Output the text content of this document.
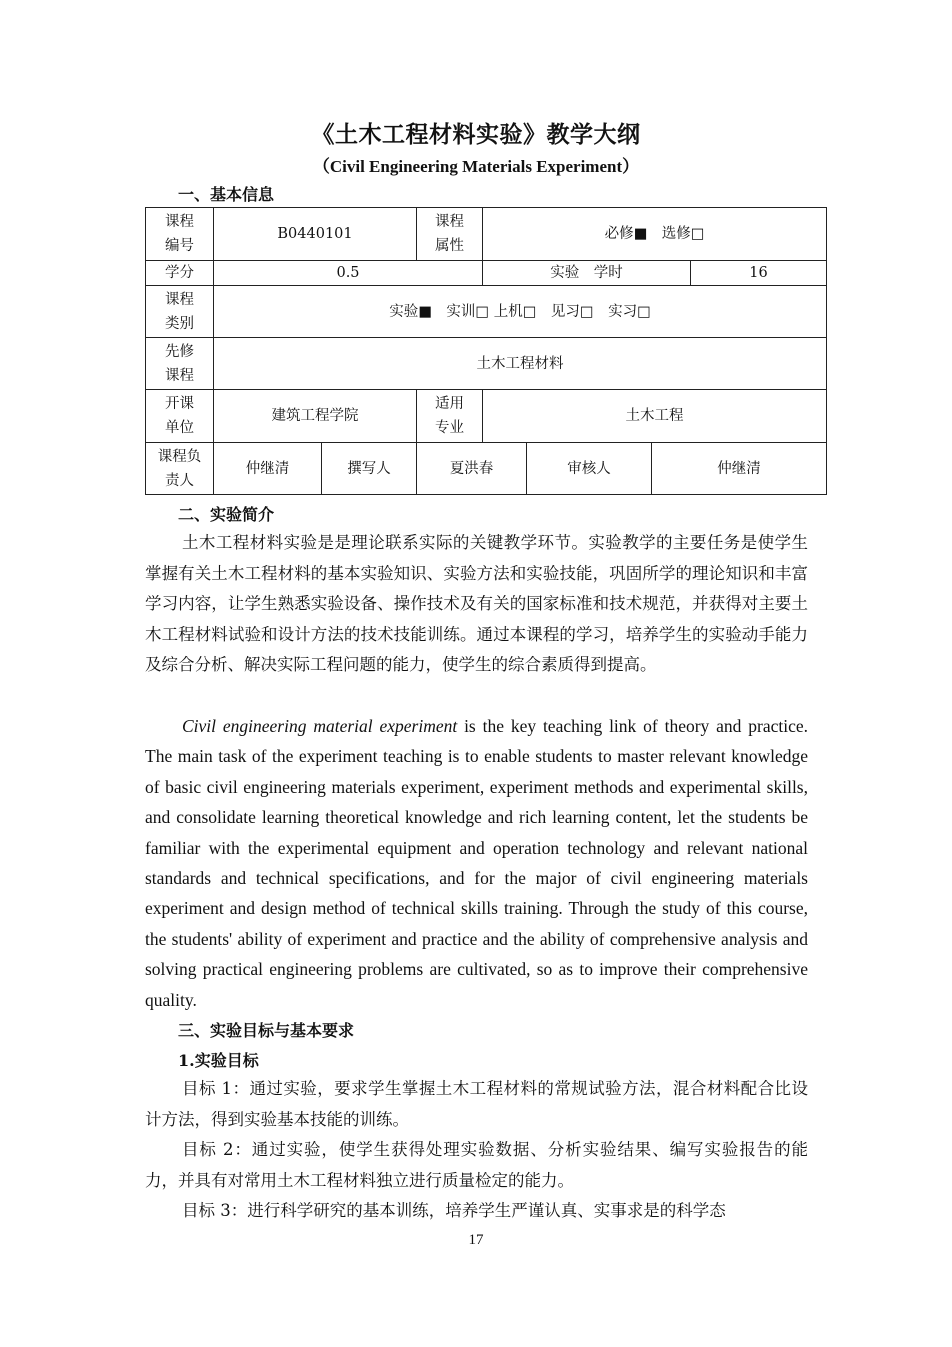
《土木工程材料实验》教学大纲
（Civil Engineering Materials Experiment）
一、基本信息
课程
编号	B0440101		课程
属性	必修■　选修□			
学分	0.5			实验　学时			16
课程
类别	实验■　实训□ 上机□　见习□　实习□						
先修
课程	土木工程材料						
开课
单位	建筑工程学院		适用
专业	土木工程			
课程负
责人	仲继清	撰写人	夏洪春		审核人	仲继清	
二、实验简介

土木工程材料实验是是理论联系实际的关键教学环节。实验教学的主要任务是使学生掌握有关土木工程材料的基本实验知识、实验方法和实验技能，巩固所学的理论知识和丰富学习内容，让学生熟悉实验设备、操作技术及有关的国家标准和技术规范，并获得对主要土木工程材料试验和设计方法的技术技能训练。通过本课程的学习，培养学生的实验动手能力及综合分析、解决实际工程问题的能力，使学生的综合素质得到提高。

Civil engineering material experiment is the key teaching link of theory and practice. The main task of the experiment teaching is to enable students to master relevant knowledge of basic civil engineering materials experiment, experiment methods and experimental skills, and consolidate learning theoretical knowledge and rich learning content, let the students be familiar with the experimental equipment and operation technology and relevant national standards and technical specifications, and for the major of civil engineering materials experiment and design method of technical skills training. Through the study of this course, the students' ability of experiment and practice and the ability of comprehensive analysis and solving practical engineering problems are cultivated, so as to improve their comprehensive quality.

三、实验目标与基本要求
1.实验目标

目标 1：通过实验，要求学生掌握土木工程材料的常规试验方法，混合材料配合比设计方法，得到实验基本技能的训练。

目标 2：通过实验，使学生获得处理实验数据、分析实验结果、编写实验报告的能力，并具有对常用土木工程材料独立进行质量检定的能力。

目标 3：进行科学研究的基本训练，培养学生严谨认真、实事求是的科学态

17
